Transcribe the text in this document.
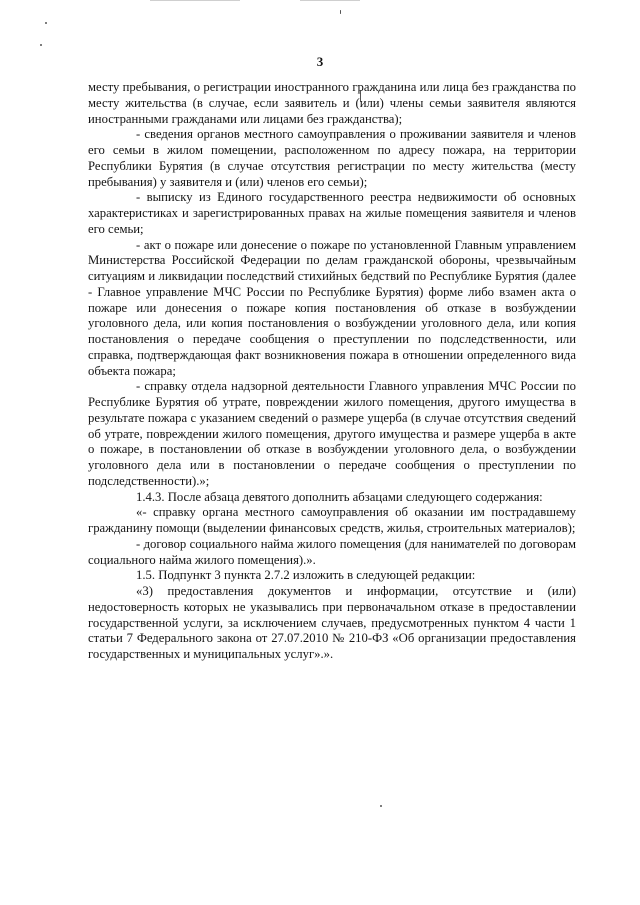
3

месту пребывания, о регистрации иностранного гражданина или лица без гражданства по месту жительства (в случае, если заявитель и (или) члены семьи заявителя являются иностранными гражданами или лицами без гражданства);

- сведения органов местного самоуправления о проживании заявителя и членов его семьи в жилом помещении, расположенном по адресу пожара, на территории Республики Бурятия (в случае отсутствия регистрации по месту жительства (месту пребывания) у заявителя и (или) членов его семьи);

- выписку из Единого государственного реестра недвижимости об основных характеристиках и зарегистрированных правах на жилые помещения заявителя и членов его семьи;

- акт о пожаре или донесение о пожаре по установленной Главным управлением Министерства Российской Федерации по делам гражданской обороны, чрезвычайным ситуациям и ликвидации последствий стихийных бедствий по Республике Бурятия (далее - Главное управление МЧС России по Республике Бурятия) форме либо взамен акта о пожаре или донесения о пожаре копия постановления об отказе в возбуждении уголовного дела, или копия постановления о возбуждении уголовного дела, или копия постановления о передаче сообщения о преступлении по подследственности, или справка, подтверждающая факт возникновения пожара в отношении определенного вида объекта пожара;

- справку отдела надзорной деятельности Главного управления МЧС России по Республике Бурятия об утрате, повреждении жилого помещения, другого имущества в результате пожара с указанием сведений о размере ущерба (в случае отсутствия сведений об утрате, повреждении жилого помещения, другого имущества и размере ущерба в акте о пожаре, в постановлении об отказе в возбуждении уголовного дела, о возбуждении уголовного дела или в постановлении о передаче сообщения о преступлении по подследственности).»;

1.4.3. После абзаца девятого дополнить абзацами следующего содержания:

«- справку органа местного самоуправления об оказании им пострадавшему гражданину помощи (выделении финансовых средств, жилья, строительных материалов);

- договор социального найма жилого помещения (для нанимателей по договорам социального найма жилого помещения).».

1.5. Подпункт 3 пункта 2.7.2 изложить в следующей редакции:

«3) предоставления документов и информации, отсутствие и (или) недостоверность которых не указывались при первоначальном отказе в предоставлении государственной услуги, за исключением случаев, предусмотренных пунктом 4 части 1 статьи 7 Федерального закона от 27.07.2010 № 210-ФЗ «Об организации предоставления государственных и муниципальных услуг».».
